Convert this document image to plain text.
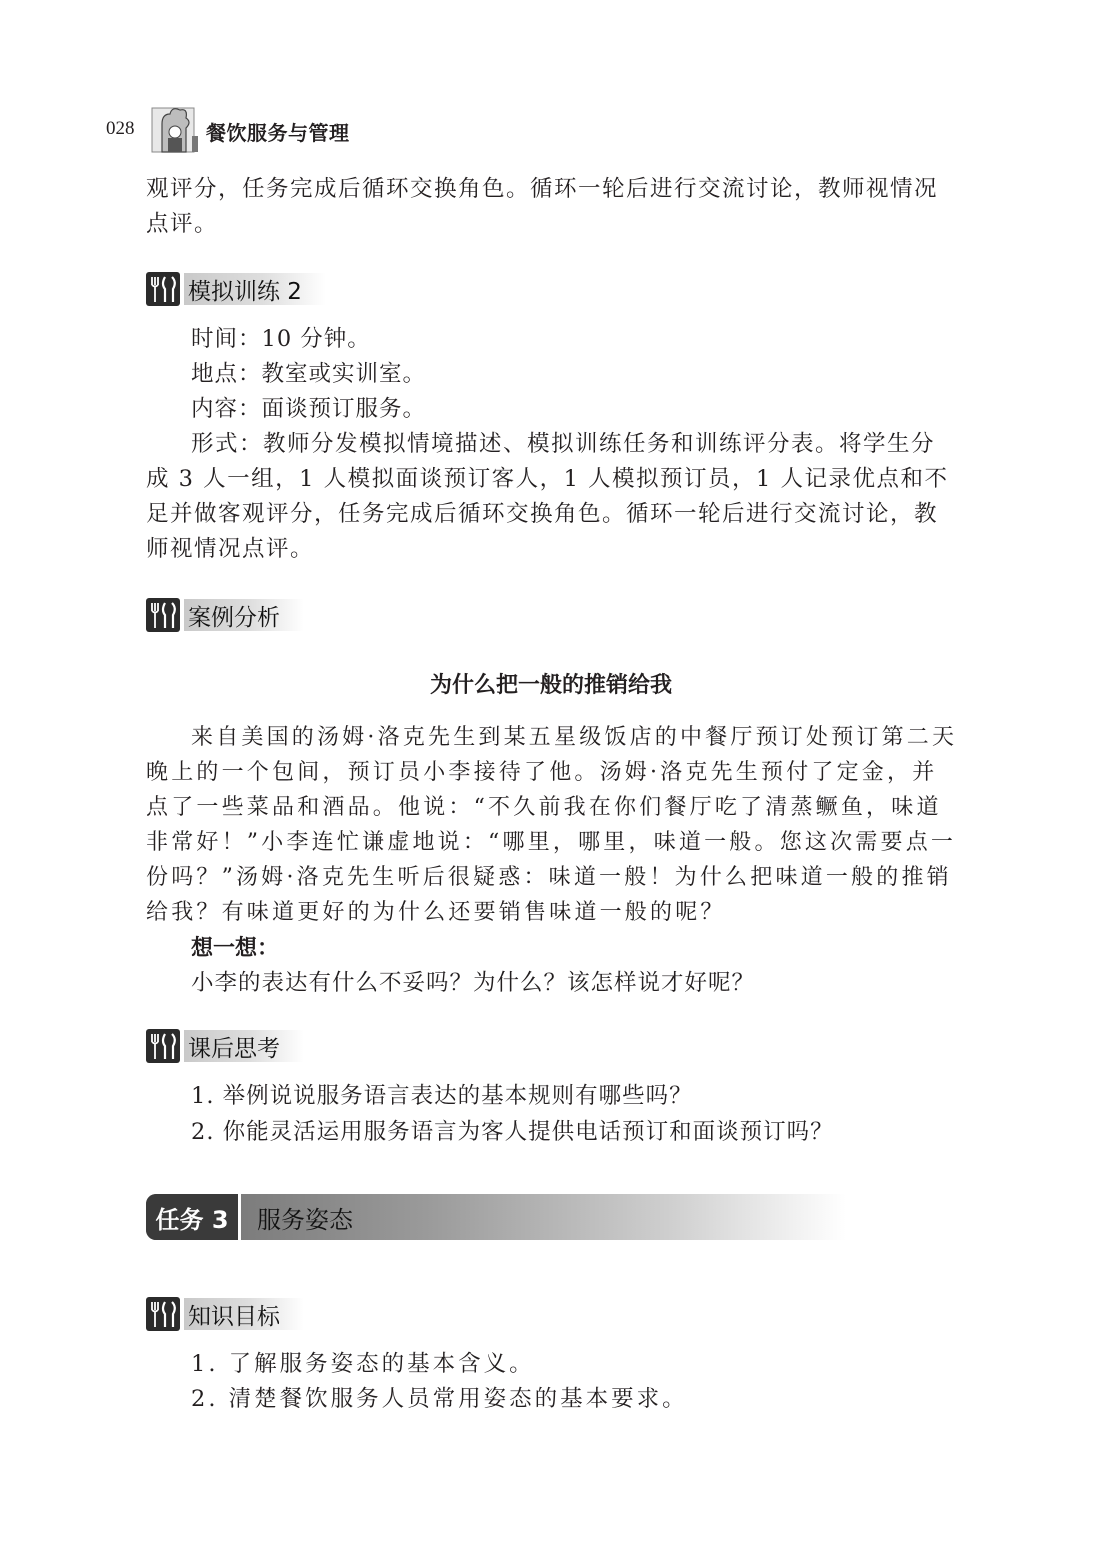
028	餐饮服务与管理

观评分，任务完成后循环交换角色。循环一轮后进行交流讨论，教师视情况点评。

模拟训练 2

时间：10 分钟。

地点：教室或实训室。

内容：面谈预订服务。

形式：教师分发模拟情境描述、模拟训练任务和训练评分表。将学生分成 3 人一组，1 人模拟面谈预订客人，1 人模拟预订员，1 人记录优点和不足并做客观评分，任务完成后循环交换角色。循环一轮后进行交流讨论，教师视情况点评。

案例分析
为什么把一般的推销给我

来自美国的汤姆·洛克先生到某五星级饭店的中餐厅预订处预订第二天晚上的一个包间，预订员小李接待了他。汤姆·洛克先生预付了定金，并点了一些菜品和酒品。他说：“不久前我在你们餐厅吃了清蒸鳜鱼，味道非常好！”小李连忙谦虚地说：“哪里，哪里，味道一般。您这次需要点一份吗？”汤姆·洛克先生听后很疑惑：味道一般！为什么把味道一般的推销给我？有味道更好的为什么还要销售味道一般的呢？

想一想：

小李的表达有什么不妥吗？为什么？该怎样说才好呢？

课后思考

1. 举例说说服务语言表达的基本规则有哪些吗？

2. 你能灵活运用服务语言为客人提供电话预订和面谈预订吗？

任务 3	服务姿态
知识目标

1. 了解服务姿态的基本含义。

2. 清楚餐饮服务人员常用姿态的基本要求。
